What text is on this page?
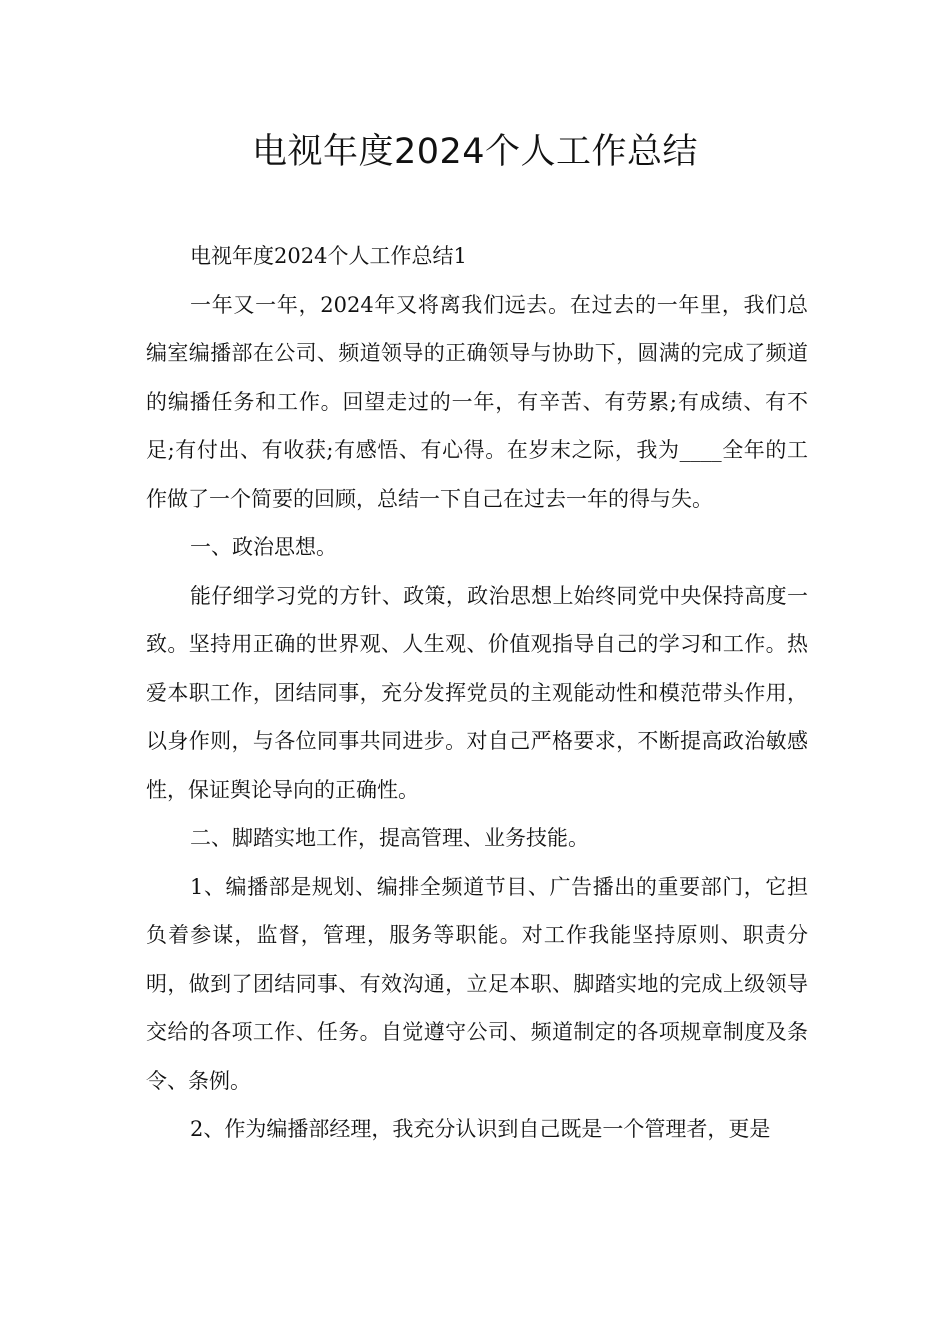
电视年度2024个人工作总结

电视年度2024个人工作总结1

一年又一年，2024年又将离我们远去。在过去的一年里，我们总编室编播部在公司、频道领导的正确领导与协助下，圆满的完成了频道的编播任务和工作。回望走过的一年，有辛苦、有劳累;有成绩、有不足;有付出、有收获;有感悟、有心得。在岁末之际，我为____全年的工作做了一个简要的回顾，总结一下自己在过去一年的得与失。

一、政治思想。

能仔细学习党的方针、政策，政治思想上始终同党中央保持高度一致。坚持用正确的世界观、人生观、价值观指导自己的学习和工作。热爱本职工作，团结同事，充分发挥党员的主观能动性和模范带头作用，以身作则，与各位同事共同进步。对自己严格要求，不断提高政治敏感性，保证舆论导向的正确性。

二、脚踏实地工作，提高管理、业务技能。

1、编播部是规划、编排全频道节目、广告播出的重要部门，它担负着参谋，监督，管理，服务等职能。对工作我能坚持原则、职责分明，做到了团结同事、有效沟通，立足本职、脚踏实地的完成上级领导交给的各项工作、任务。自觉遵守公司、频道制定的各项规章制度及条令、条例。

2、作为编播部经理，我充分认识到自己既是一个管理者，更是
